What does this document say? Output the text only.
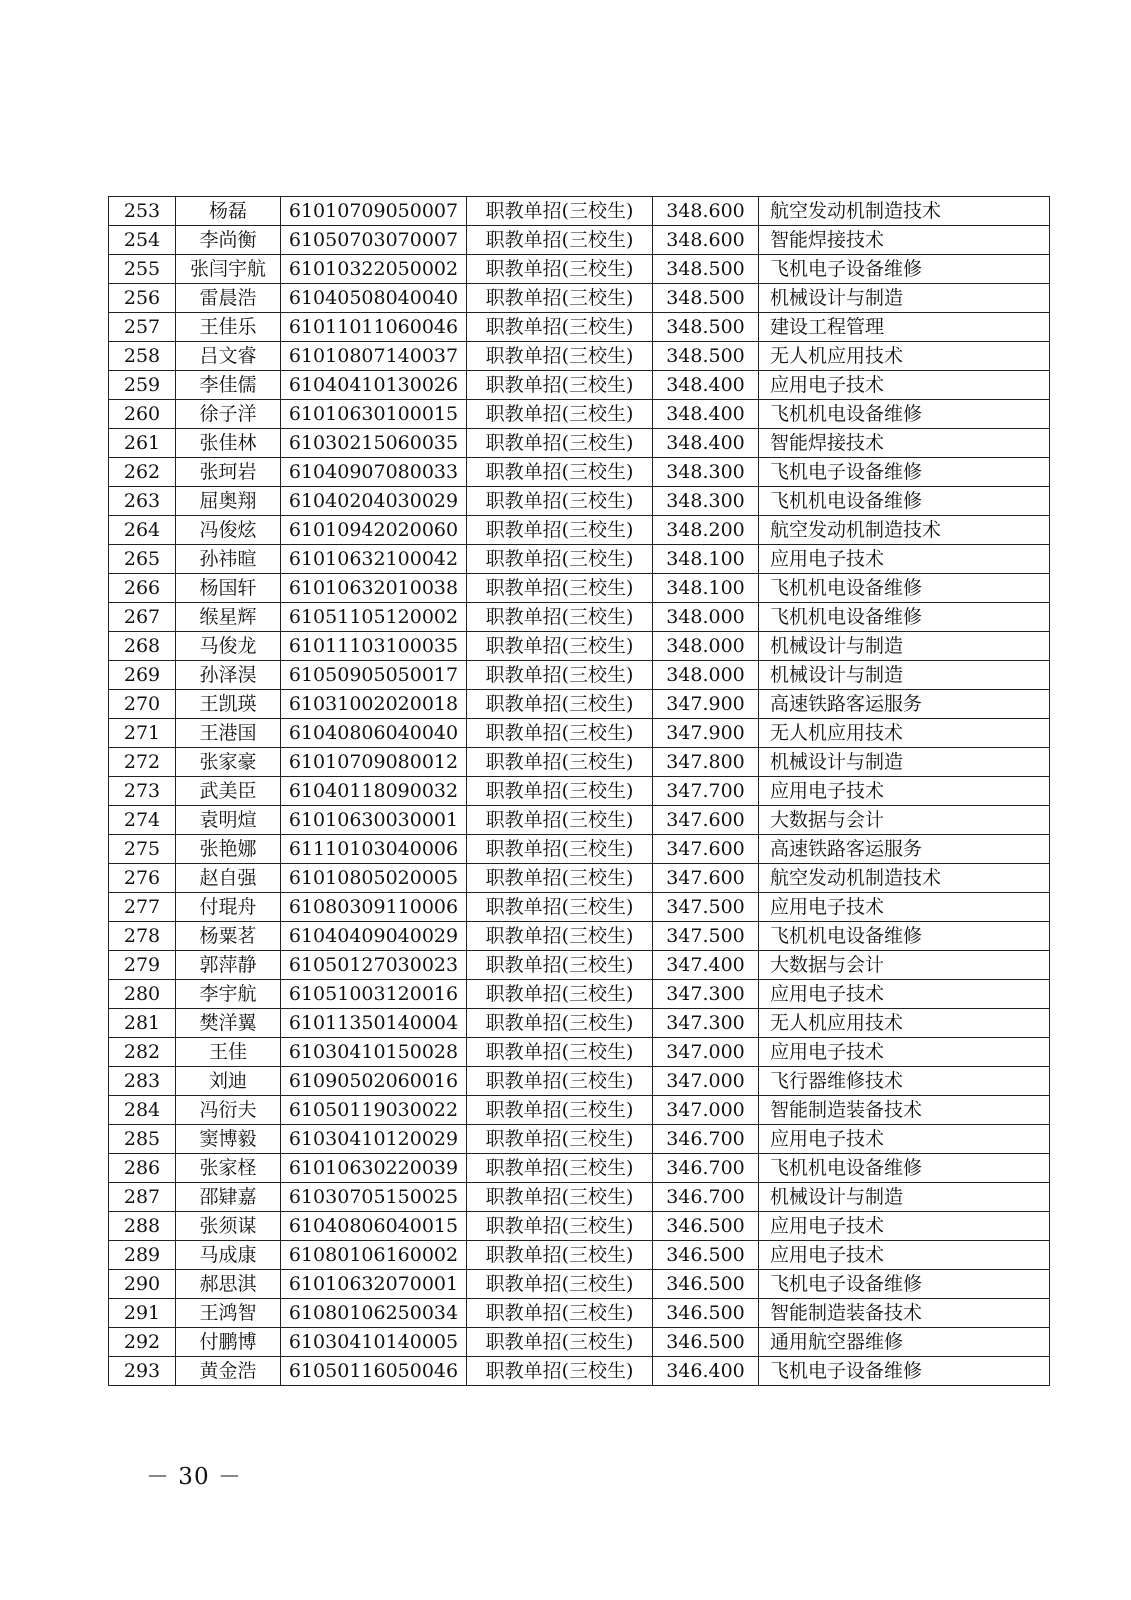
253	杨磊	61010709050007	职教单招(三校生)	348.600	航空发动机制造技术
254	李尚衡	61050703070007	职教单招(三校生)	348.600	智能焊接技术
255	张闫宇航	61010322050002	职教单招(三校生)	348.500	飞机电子设备维修
256	雷晨浩	61040508040040	职教单招(三校生)	348.500	机械设计与制造
257	王佳乐	61011011060046	职教单招(三校生)	348.500	建设工程管理
258	吕文睿	61010807140037	职教单招(三校生)	348.500	无人机应用技术
259	李佳儒	61040410130026	职教单招(三校生)	348.400	应用电子技术
260	徐子洋	61010630100015	职教单招(三校生)	348.400	飞机机电设备维修
261	张佳林	61030215060035	职教单招(三校生)	348.400	智能焊接技术
262	张珂岩	61040907080033	职教单招(三校生)	348.300	飞机电子设备维修
263	屈奥翔	61040204030029	职教单招(三校生)	348.300	飞机机电设备维修
264	冯俊炫	61010942020060	职教单招(三校生)	348.200	航空发动机制造技术
265	孙祎暄	61010632100042	职教单招(三校生)	348.100	应用电子技术
266	杨国轩	61010632010038	职教单招(三校生)	348.100	飞机机电设备维修
267	缑星辉	61051105120002	职教单招(三校生)	348.000	飞机机电设备维修
268	马俊龙	61011103100035	职教单招(三校生)	348.000	机械设计与制造
269	孙泽淏	61050905050017	职教单招(三校生)	348.000	机械设计与制造
270	王凯瑛	61031002020018	职教单招(三校生)	347.900	高速铁路客运服务
271	王港国	61040806040040	职教单招(三校生)	347.900	无人机应用技术
272	张家豪	61010709080012	职教单招(三校生)	347.800	机械设计与制造
273	武美臣	61040118090032	职教单招(三校生)	347.700	应用电子技术
274	袁明煊	61010630030001	职教单招(三校生)	347.600	大数据与会计
275	张艳娜	61110103040006	职教单招(三校生)	347.600	高速铁路客运服务
276	赵自强	61010805020005	职教单招(三校生)	347.600	航空发动机制造技术
277	付琨舟	61080309110006	职教单招(三校生)	347.500	应用电子技术
278	杨粟茗	61040409040029	职教单招(三校生)	347.500	飞机机电设备维修
279	郭萍静	61050127030023	职教单招(三校生)	347.400	大数据与会计
280	李宇航	61051003120016	职教单招(三校生)	347.300	应用电子技术
281	樊洋翼	61011350140004	职教单招(三校生)	347.300	无人机应用技术
282	王佳	61030410150028	职教单招(三校生)	347.000	应用电子技术
283	刘迪	61090502060016	职教单招(三校生)	347.000	飞行器维修技术
284	冯衍夫	61050119030022	职教单招(三校生)	347.000	智能制造装备技术
285	窦博毅	61030410120029	职教单招(三校生)	346.700	应用电子技术
286	张家柽	61010630220039	职教单招(三校生)	346.700	飞机机电设备维修
287	邵肄嘉	61030705150025	职教单招(三校生)	346.700	机械设计与制造
288	张须谋	61040806040015	职教单招(三校生)	346.500	应用电子技术
289	马成康	61080106160002	职教单招(三校生)	346.500	应用电子技术
290	郝思淇	61010632070001	职教单招(三校生)	346.500	飞机电子设备维修
291	王鸿智	61080106250034	职教单招(三校生)	346.500	智能制造装备技术
292	付鹏博	61030410140005	职教单招(三校生)	346.500	通用航空器维修
293	黄金浩	61050116050046	职教单招(三校生)	346.400	飞机电子设备维修
－ 30 －
